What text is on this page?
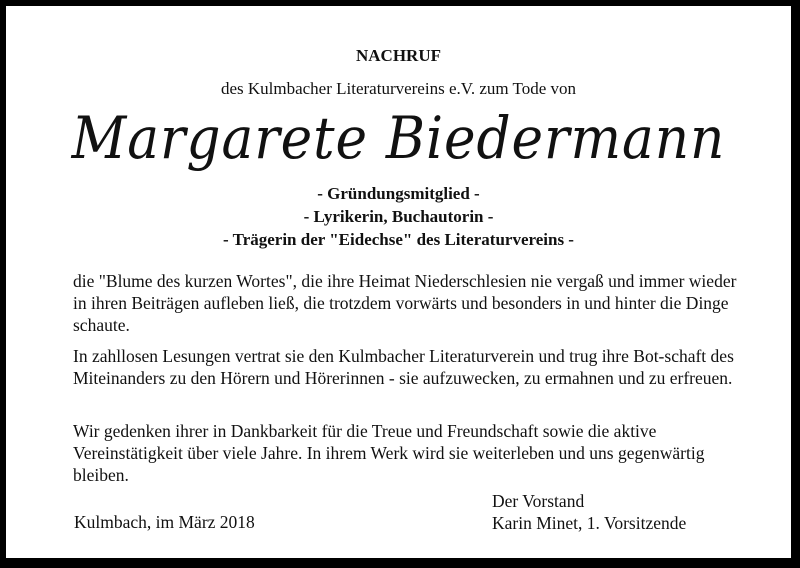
NACHRUF
des Kulmbacher Literaturvereins e.V. zum Tode von
Margarete Biedermann
- Gründungsmitglied -
- Lyrikerin, Buchautorin -
- Trägerin der "Eidechse" des Literaturvereins -

die "Blume des kurzen Wortes", die ihre Heimat Niederschlesien nie vergaß und immer wieder in ihren Beiträgen aufleben ließ, die trotzdem vorwärts und besonders in und hinter die Dinge schaute.

In zahllosen Lesungen vertrat sie den Kulmbacher Literaturverein und trug ihre Bot-schaft des Miteinanders zu den Hörern und Hörerinnen - sie aufzuwecken, zu ermahnen und zu erfreuen.

Wir gedenken ihrer in Dankbarkeit für die Treue und Freundschaft sowie die aktive Vereinstätigkeit über viele Jahre. In ihrem Werk wird sie weiterleben und uns gegenwärtig bleiben.

Kulmbach, im März 2018
Der Vorstand
Karin Minet, 1. Vorsitzende
